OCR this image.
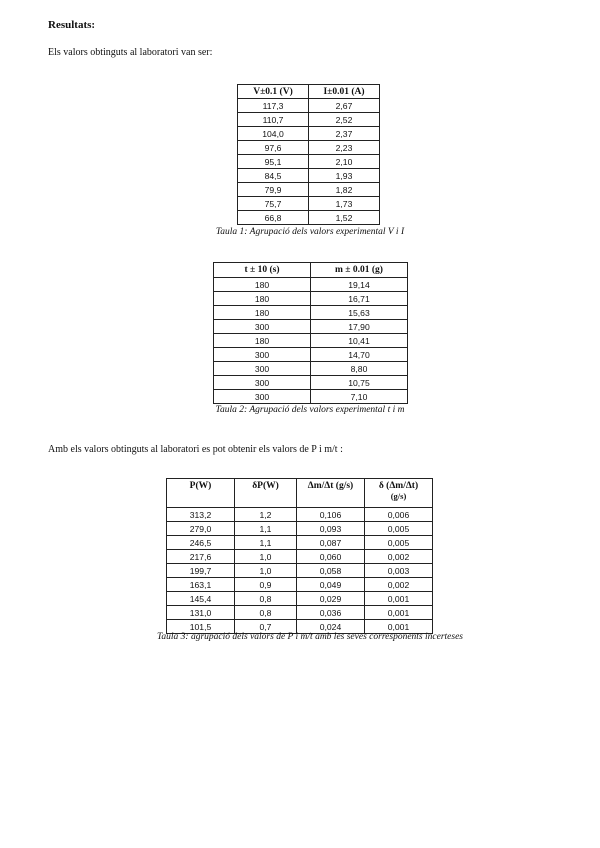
Resultats:
Els valors obtinguts al laboratori van ser:
V±0.1 (V)	I±0.01 (A)
117,3	2,67
110,7	2,52
104,0	2,37
97,6	2,23
95,1	2,10
84,5	1,93
79,9	1,82
75,7	1,73
66,8	1,52
Taula 1: Agrupació dels valors experimental V i I
t ± 10 (s)	m ± 0.01 (g)
180	19,14
180	16,71
180	15,63
300	17,90
180	10,41
300	14,70
300	8,80
300	10,75
300	7,10
Taula 2: Agrupació dels valors experimental t i m
Amb els valors obtinguts al laboratori es pot obtenir els valors de P i m/t :
P(W)	δP(W)	Δm/Δt (g/s)	δ (Δm/Δt)
(g/s)

313,2	1,2	0,106	0,006
279,0	1,1	0,093	0,005
246,5	1,1	0,087	0,005
217,6	1,0	0,060	0,002
199,7	1,0	0,058	0,003
163,1	0,9	0,049	0,002
145,4	0,8	0,029	0,001
131,0	0,8	0,036	0,001
101,5	0,7	0,024	0,001
Taula 3: agrupació dels valors de P i m/t amb les seves corresponents incerteses
